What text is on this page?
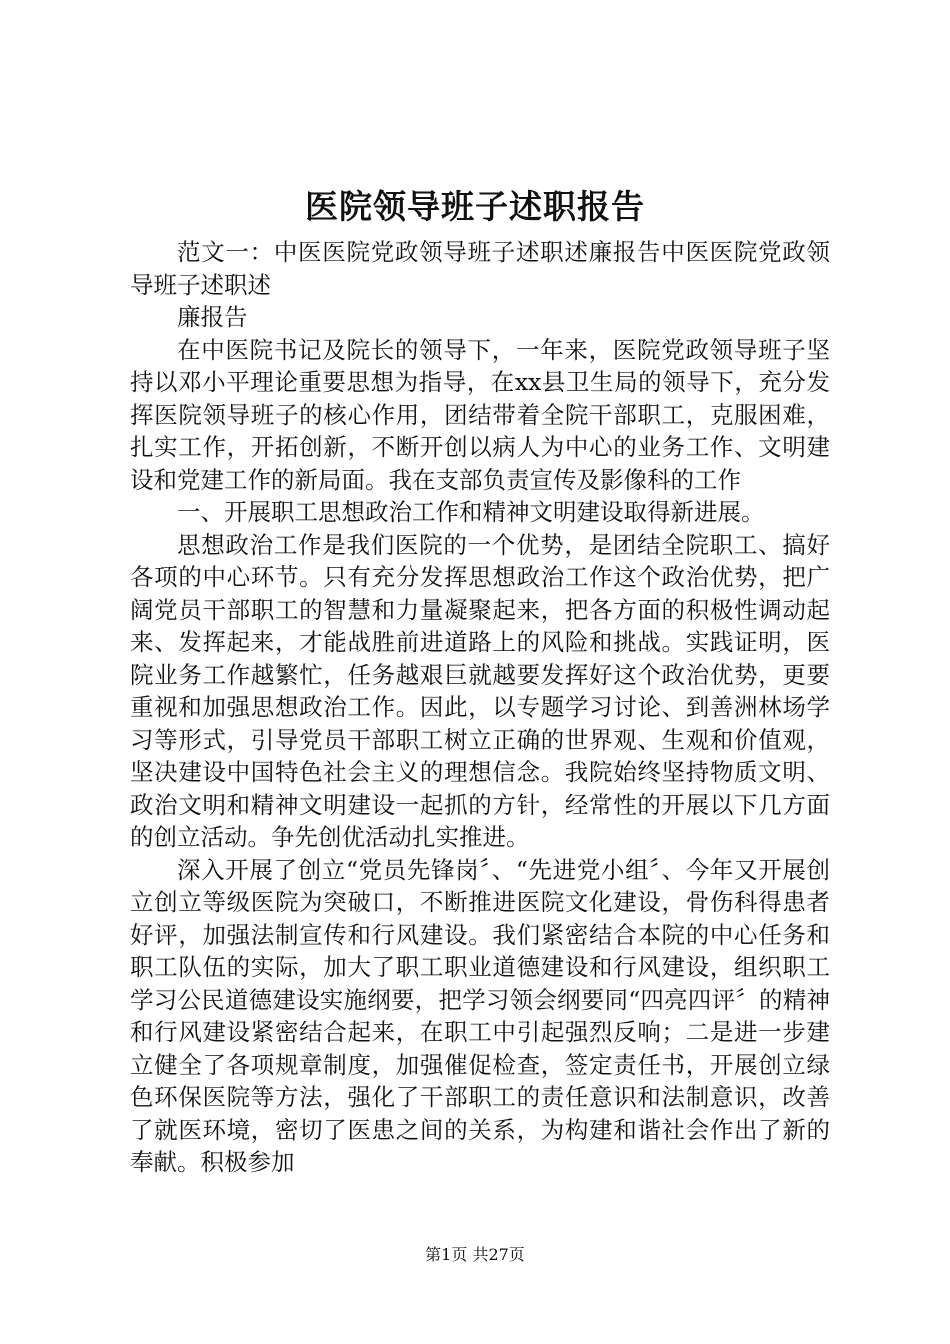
医院领导班子述职报告

范文一：中医医院党政领导班子述职述廉报告中医医院党政领导班子述职述

廉报告

在中医院书记及院长的领导下，一年来，医院党政领导班子坚持以邓小平理论重要思想为指导，在xx县卫生局的领导下，充分发挥医院领导班子的核心作用，团结带着全院干部职工，克服困难，扎实工作，开拓创新，不断开创以病人为中心的业务工作、文明建设和党建工作的新局面。我在支部负责宣传及影像科的工作

一、开展职工思想政治工作和精神文明建设取得新进展。

思想政治工作是我们医院的一个优势，是团结全院职工、搞好各项的中心环节。只有充分发挥思想政治工作这个政治优势，把广阔党员干部职工的智慧和力量凝聚起来，把各方面的积极性调动起来、发挥起来，才能战胜前进道路上的风险和挑战。实践证明，医院业务工作越繁忙，任务越艰巨就越要发挥好这个政治优势，更要重视和加强思想政治工作。因此，以专题学习讨论、到善洲林场学习等形式，引导党员干部职工树立正确的世界观、生观和价值观，坚决建设中国特色社会主义的理想信念。我院始终坚持物质文明、政治文明和精神文明建设一起抓的方针，经常性的开展以下几方面的创立活动。争先创优活动扎实推进。

深入开展了创立“党员先锋岗〞、“先进党小组〞、今年又开展创立创立等级医院为突破口，不断推进医院文化建设，骨伤科得患者好评，加强法制宣传和行风建设。我们紧密结合本院的中心任务和职工队伍的实际，加大了职工职业道德建设和行风建设，组织职工学习公民道德建设实施纲要，把学习领会纲要同“四亮四评〞的精神和行风建设紧密结合起来，在职工中引起强烈反响；二是进一步建立健全了各项规章制度，加强催促检查，签定责任书，开展创立绿色环保医院等方法，强化了干部职工的责任意识和法制意识，改善了就医环境，密切了医患之间的关系，为构建和谐社会作出了新的奉献。积极参加

第1页 共27页
